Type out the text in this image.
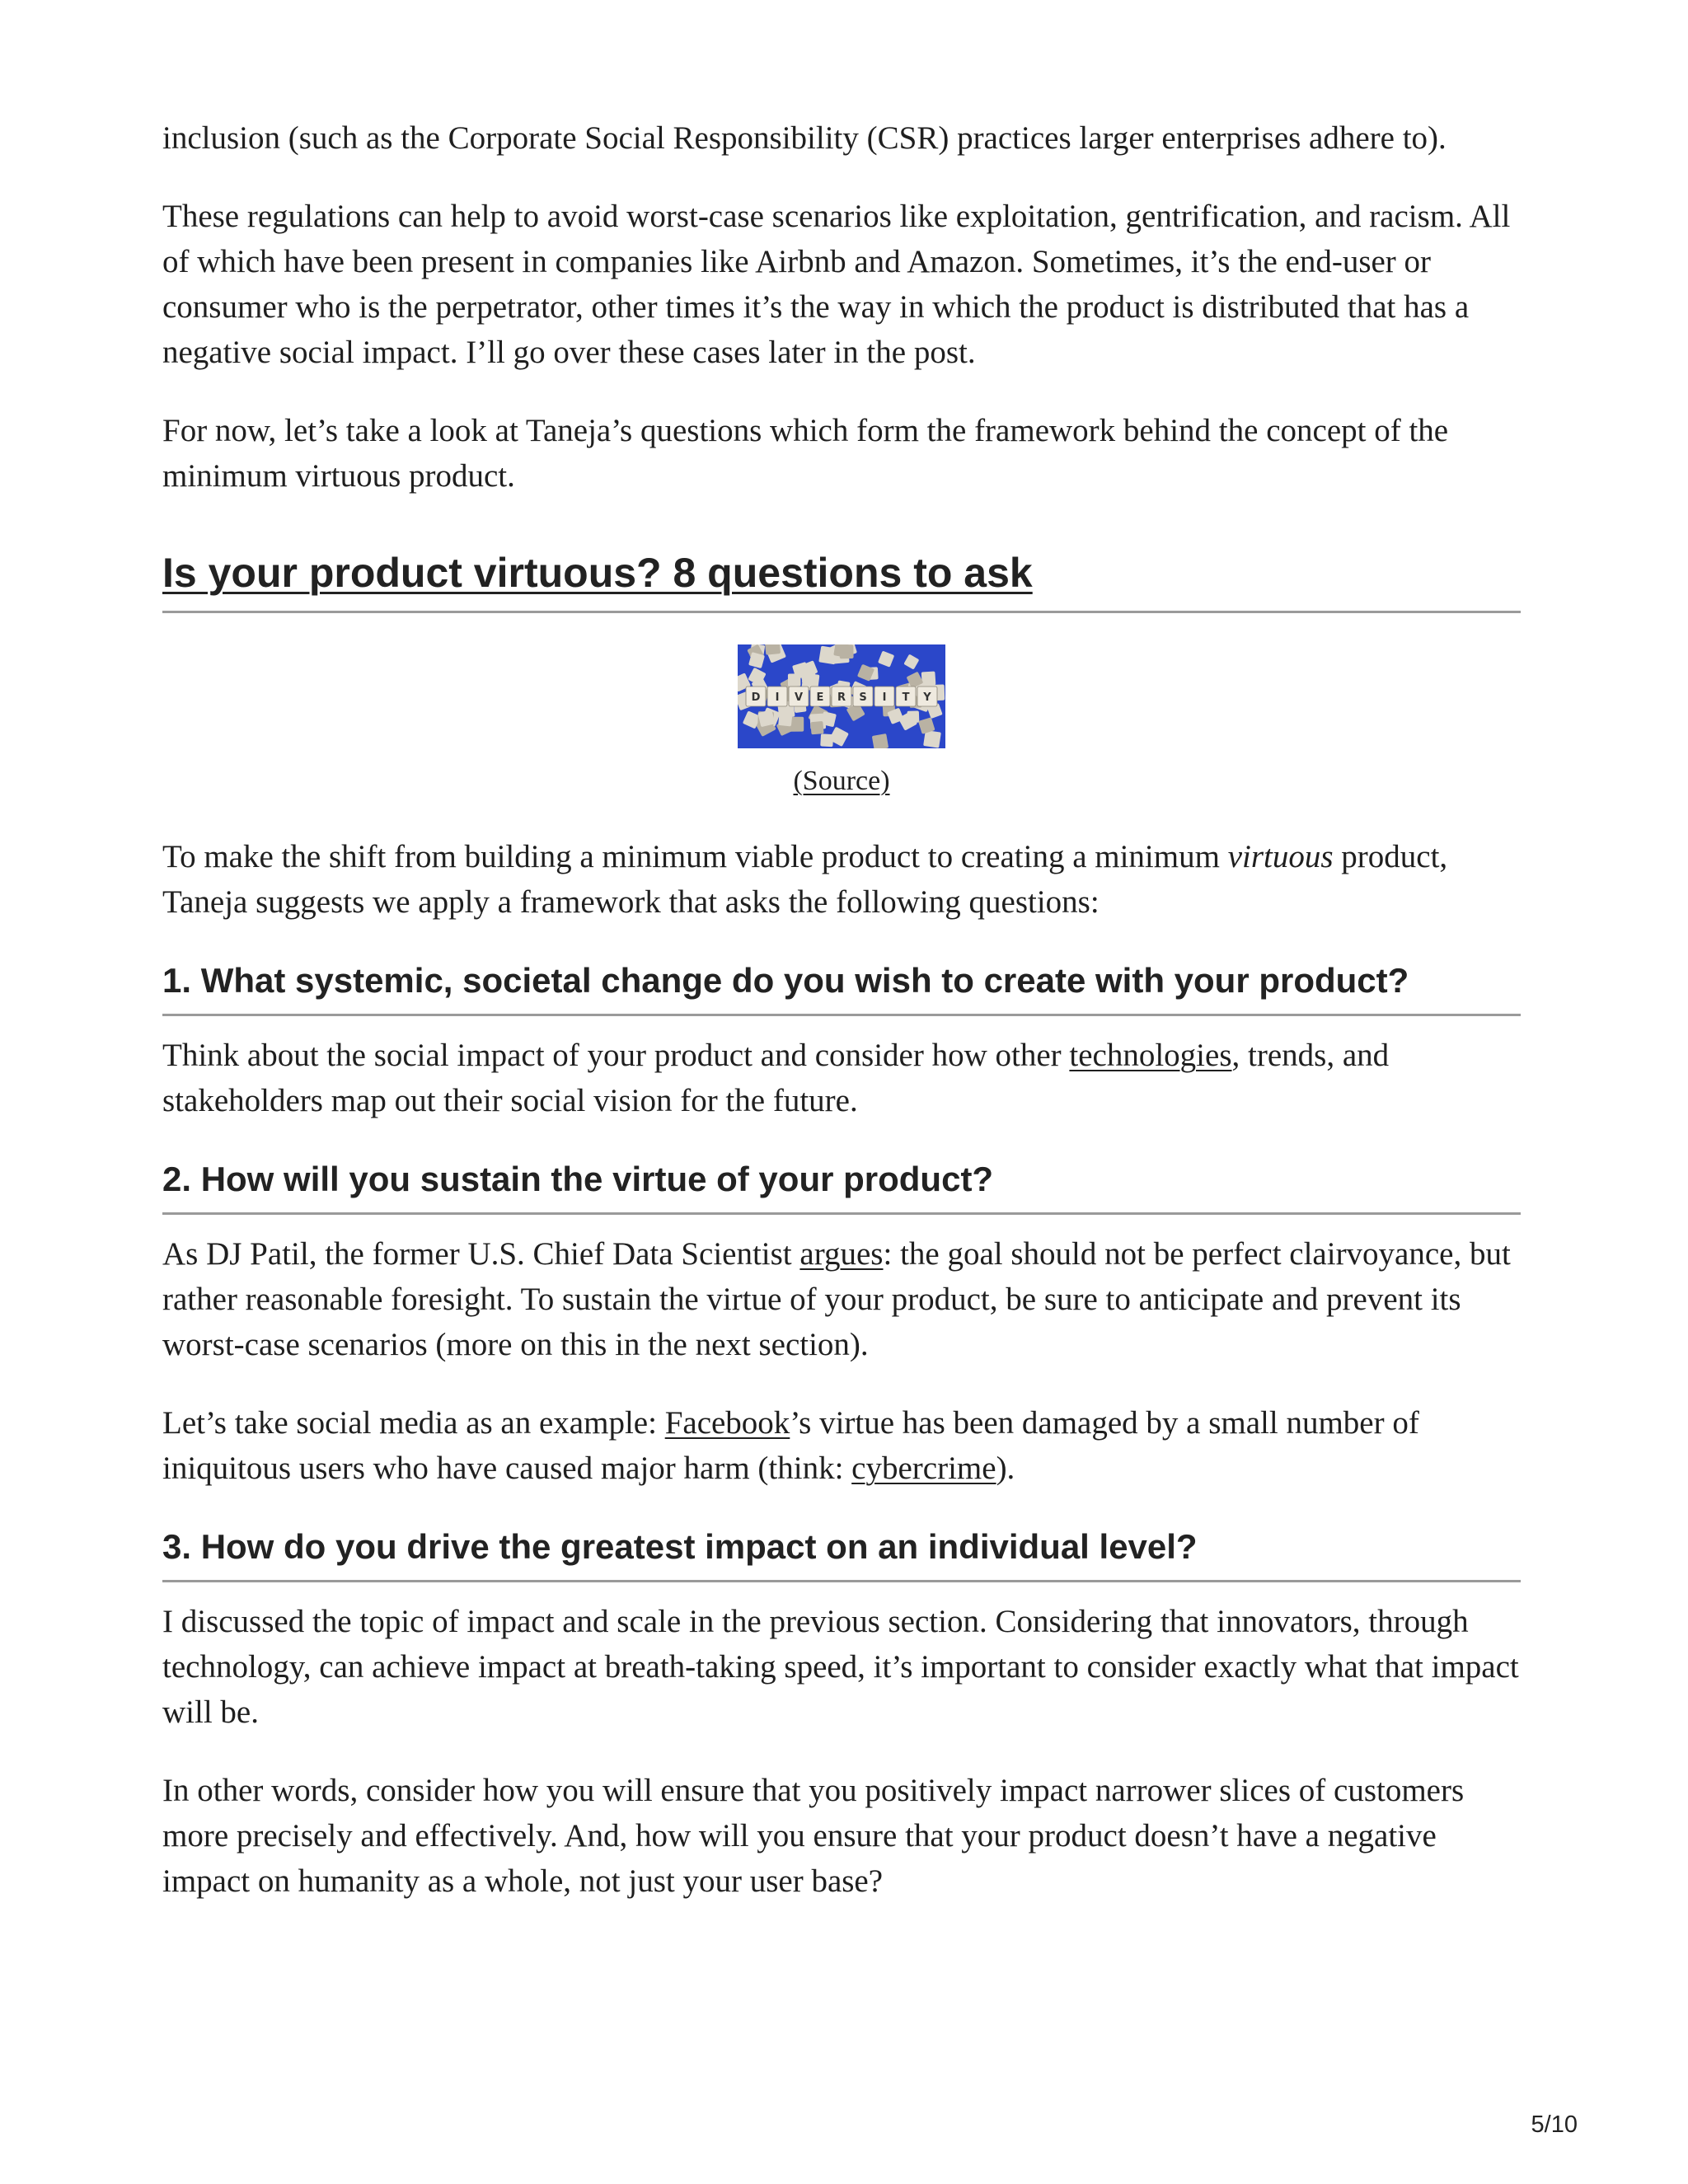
inclusion (such as the Corporate Social Responsibility (CSR) practices larger enterprises adhere to).

These regulations can help to avoid worst-case scenarios like exploitation, gentrification, and racism. All of which have been present in companies like Airbnb and Amazon. Sometimes, it’s the end-user or consumer who is the perpetrator, other times it’s the way in which the product is distributed that has a negative social impact. I’ll go over these cases later in the post.

For now, let’s take a look at Taneja’s questions which form the framework behind the concept of the minimum virtuous product.

Is your product virtuous? 8 questions to ask
D I V E R S I T Y
(Source)

To make the shift from building a minimum viable product to creating a minimum virtuous product, Taneja suggests we apply a framework that asks the following questions:

1. What systemic, societal change do you wish to create with your product?

Think about the social impact of your product and consider how other technologies, trends, and stakeholders map out their social vision for the future.

2. How will you sustain the virtue of your product?

As DJ Patil, the former U.S. Chief Data Scientist argues: the goal should not be perfect clairvoyance, but rather reasonable foresight. To sustain the virtue of your product, be sure to anticipate and prevent its worst-case scenarios (more on this in the next section).

Let’s take social media as an example: Facebook’s virtue has been damaged by a small number of iniquitous users who have caused major harm (think: cybercrime).

3. How do you drive the greatest impact on an individual level?

I discussed the topic of impact and scale in the previous section. Considering that innovators, through technology, can achieve impact at breath-taking speed, it’s important to consider exactly what that impact will be.

In other words, consider how you will ensure that you positively impact narrower slices of customers more precisely and effectively. And, how will you ensure that your product doesn’t have a negative impact on humanity as a whole, not just your user base?

5/10
